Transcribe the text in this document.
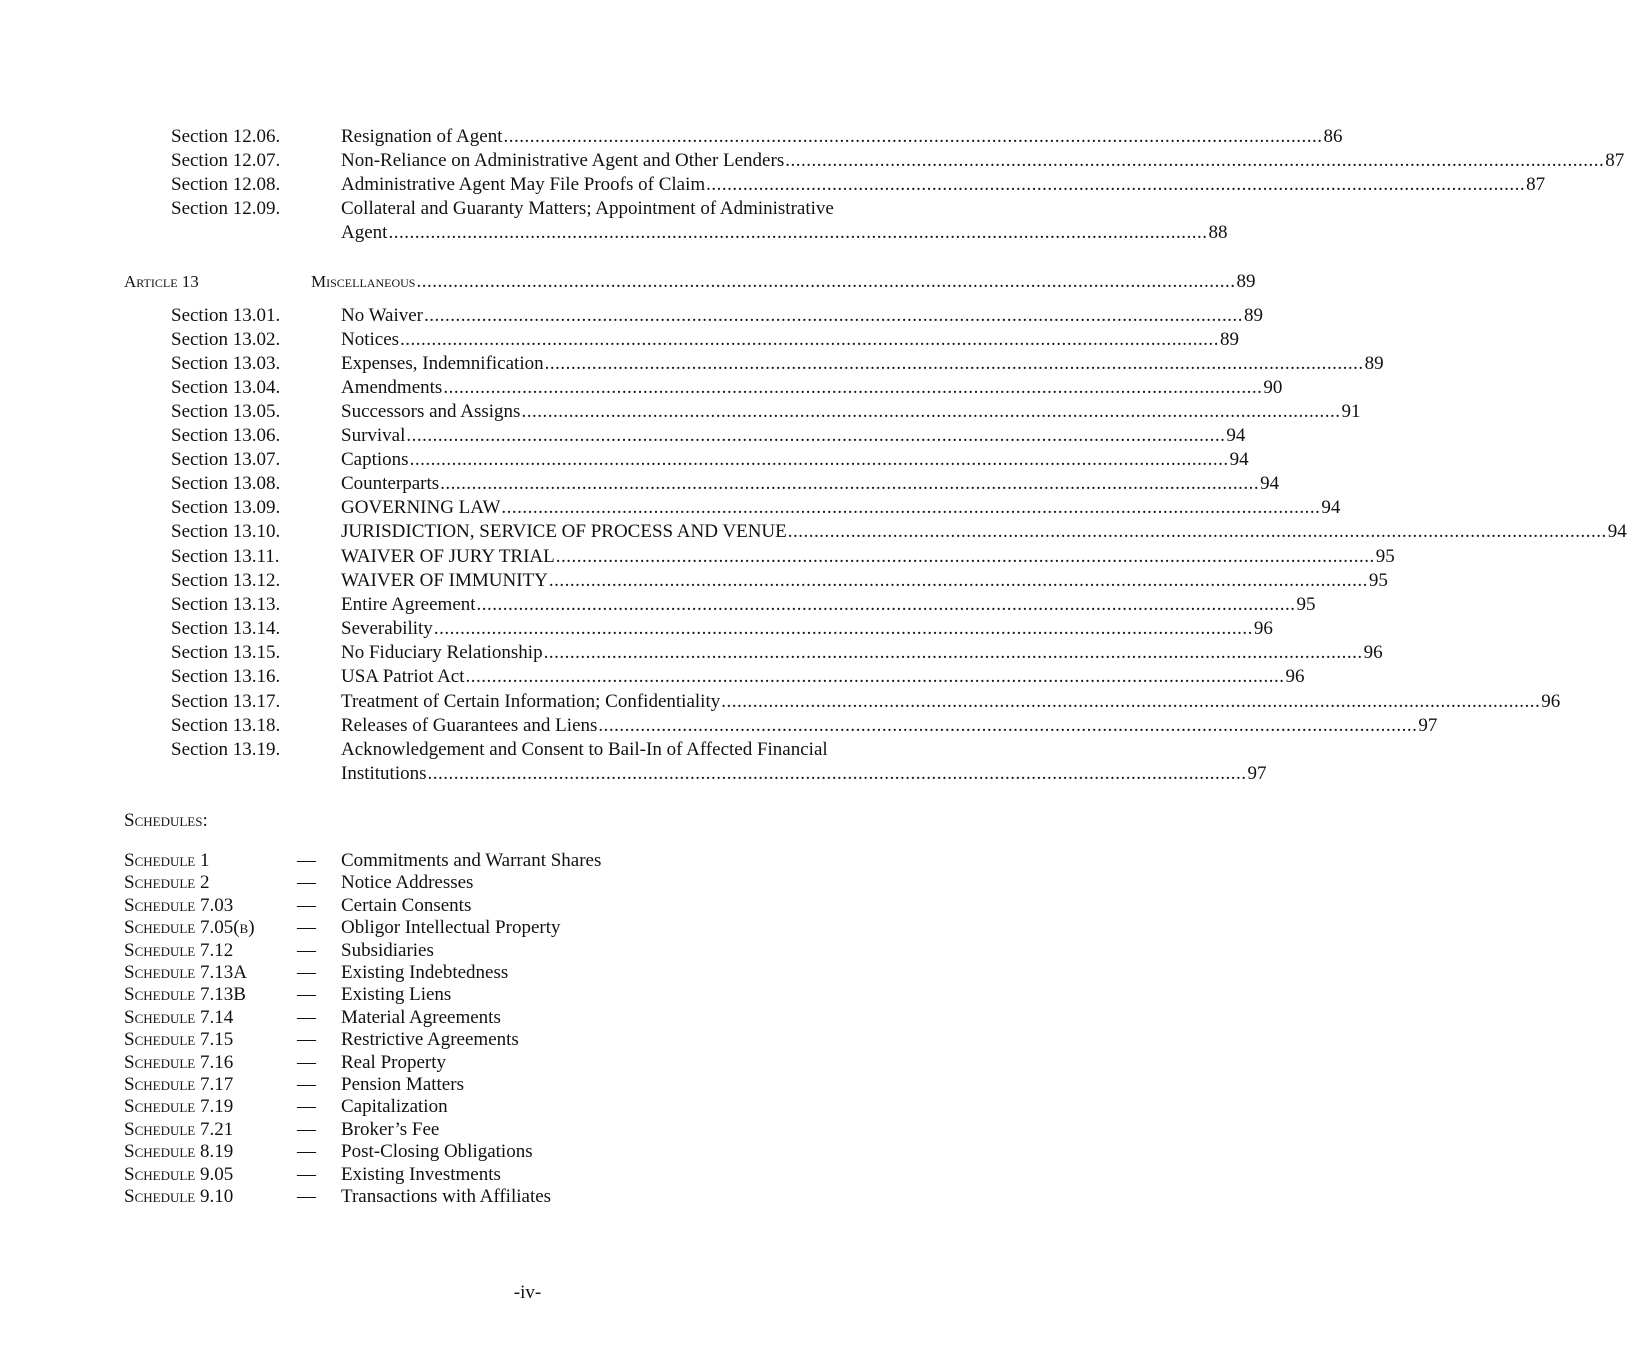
Section 12.06.	Resignation of Agent ............................................................................................................................................................ 86
Section 12.07.	Non-Reliance on Administrative Agent and Other Lenders ............................................................................................................................................................ 87
Section 12.08.	Administrative Agent May File Proofs of Claim ............................................................................................................................................................ 87
Section 12.09.	Collateral and Guaranty Matters; Appointment of Administrative
Agent ............................................................................................................................................................ 88
Article 13	Miscellaneous ............................................................................................................................................................ 89
Section 13.01.	No Waiver ............................................................................................................................................................ 89
Section 13.02.	Notices ............................................................................................................................................................ 89
Section 13.03.	Expenses, Indemnification ............................................................................................................................................................ 89
Section 13.04.	Amendments ............................................................................................................................................................ 90
Section 13.05.	Successors and Assigns ............................................................................................................................................................ 91
Section 13.06.	Survival ............................................................................................................................................................ 94
Section 13.07.	Captions ............................................................................................................................................................ 94
Section 13.08.	Counterparts ............................................................................................................................................................ 94
Section 13.09.	GOVERNING LAW ............................................................................................................................................................ 94
Section 13.10.	JURISDICTION, SERVICE OF PROCESS AND VENUE ............................................................................................................................................................ 94
Section 13.11.	WAIVER OF JURY TRIAL ............................................................................................................................................................ 95
Section 13.12.	WAIVER OF IMMUNITY ............................................................................................................................................................ 95
Section 13.13.	Entire Agreement ............................................................................................................................................................ 95
Section 13.14.	Severability ............................................................................................................................................................ 96
Section 13.15.	No Fiduciary Relationship ............................................................................................................................................................ 96
Section 13.16.	USA Patriot Act ............................................................................................................................................................ 96
Section 13.17.	Treatment of Certain Information; Confidentiality ............................................................................................................................................................ 96
Section 13.18.	Releases of Guarantees and Liens ............................................................................................................................................................ 97
Section 13.19.	Acknowledgement and Consent to Bail-In of Affected Financial
Institutions ............................................................................................................................................................ 97
Schedules:
Schedule 1	— Commitments and Warrant Shares
Schedule 2	— Notice Addresses
Schedule 7.03	— Certain Consents
Schedule 7.05(b) — Obligor Intellectual Property
Schedule 7.12	— Subsidiaries
Schedule 7.13A	— Existing Indebtedness
Schedule 7.13B	— Existing Liens
Schedule 7.14	— Material Agreements
Schedule 7.15	— Restrictive Agreements
Schedule 7.16	— Real Property
Schedule 7.17	— Pension Matters
Schedule 7.19	— Capitalization
Schedule 7.21	— Broker’s Fee
Schedule 8.19	— Post-Closing Obligations
Schedule 9.05	— Existing Investments
Schedule 9.10	— Transactions with Affiliates
-iv-
